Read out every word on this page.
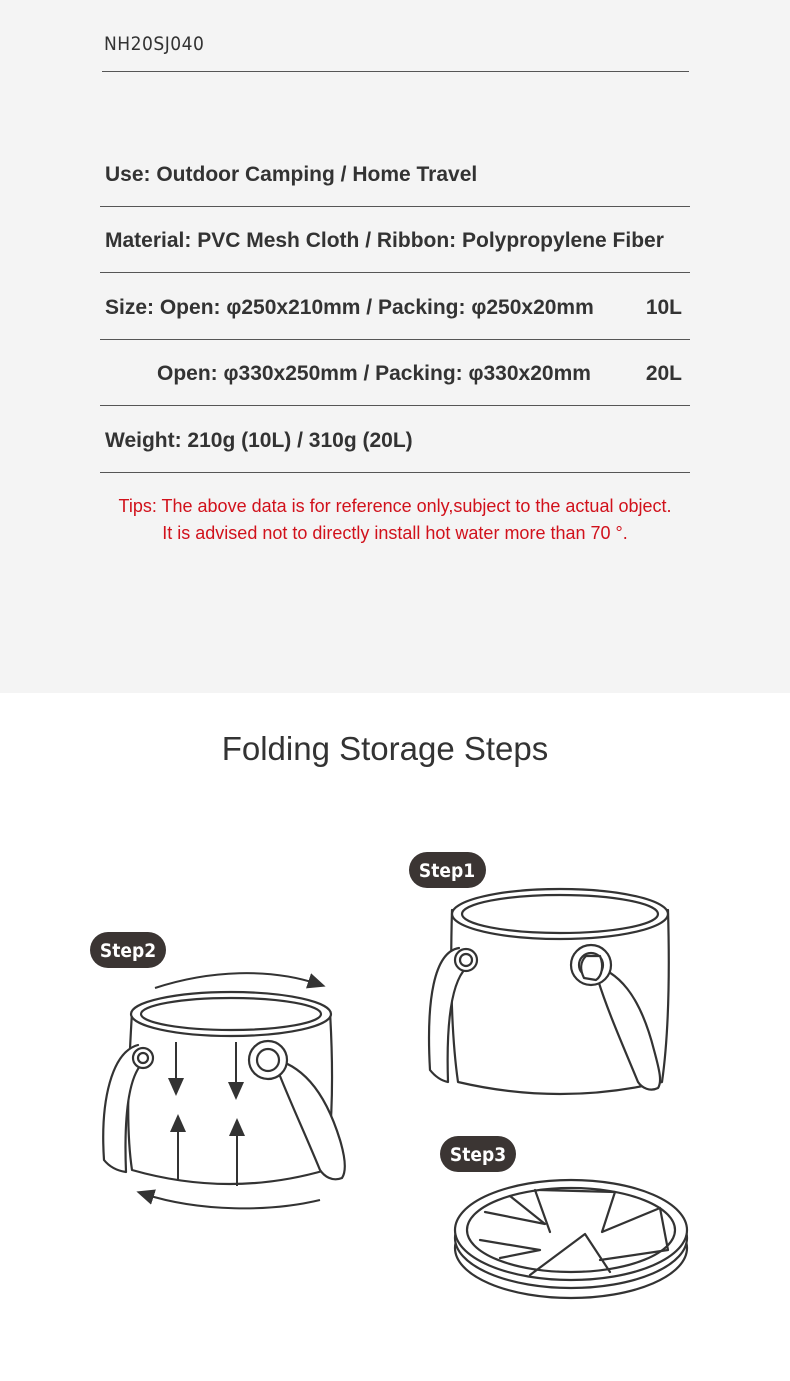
NH20SJ040
Use: Outdoor Camping / Home Travel
Material: PVC Mesh Cloth / Ribbon: Polypropylene Fiber
Size: Open: φ250x210mm / Packing: φ250x20mm 10L
Open: φ330x250mm / Packing: φ330x20mm	20L
Weight: 210g (10L) / 310g (20L)
Tips: The above data is for reference only,subject to the actual object.
It is advised not to directly install hot water more than 70 °.
Folding Storage Steps
Step1
Step2
Step3
